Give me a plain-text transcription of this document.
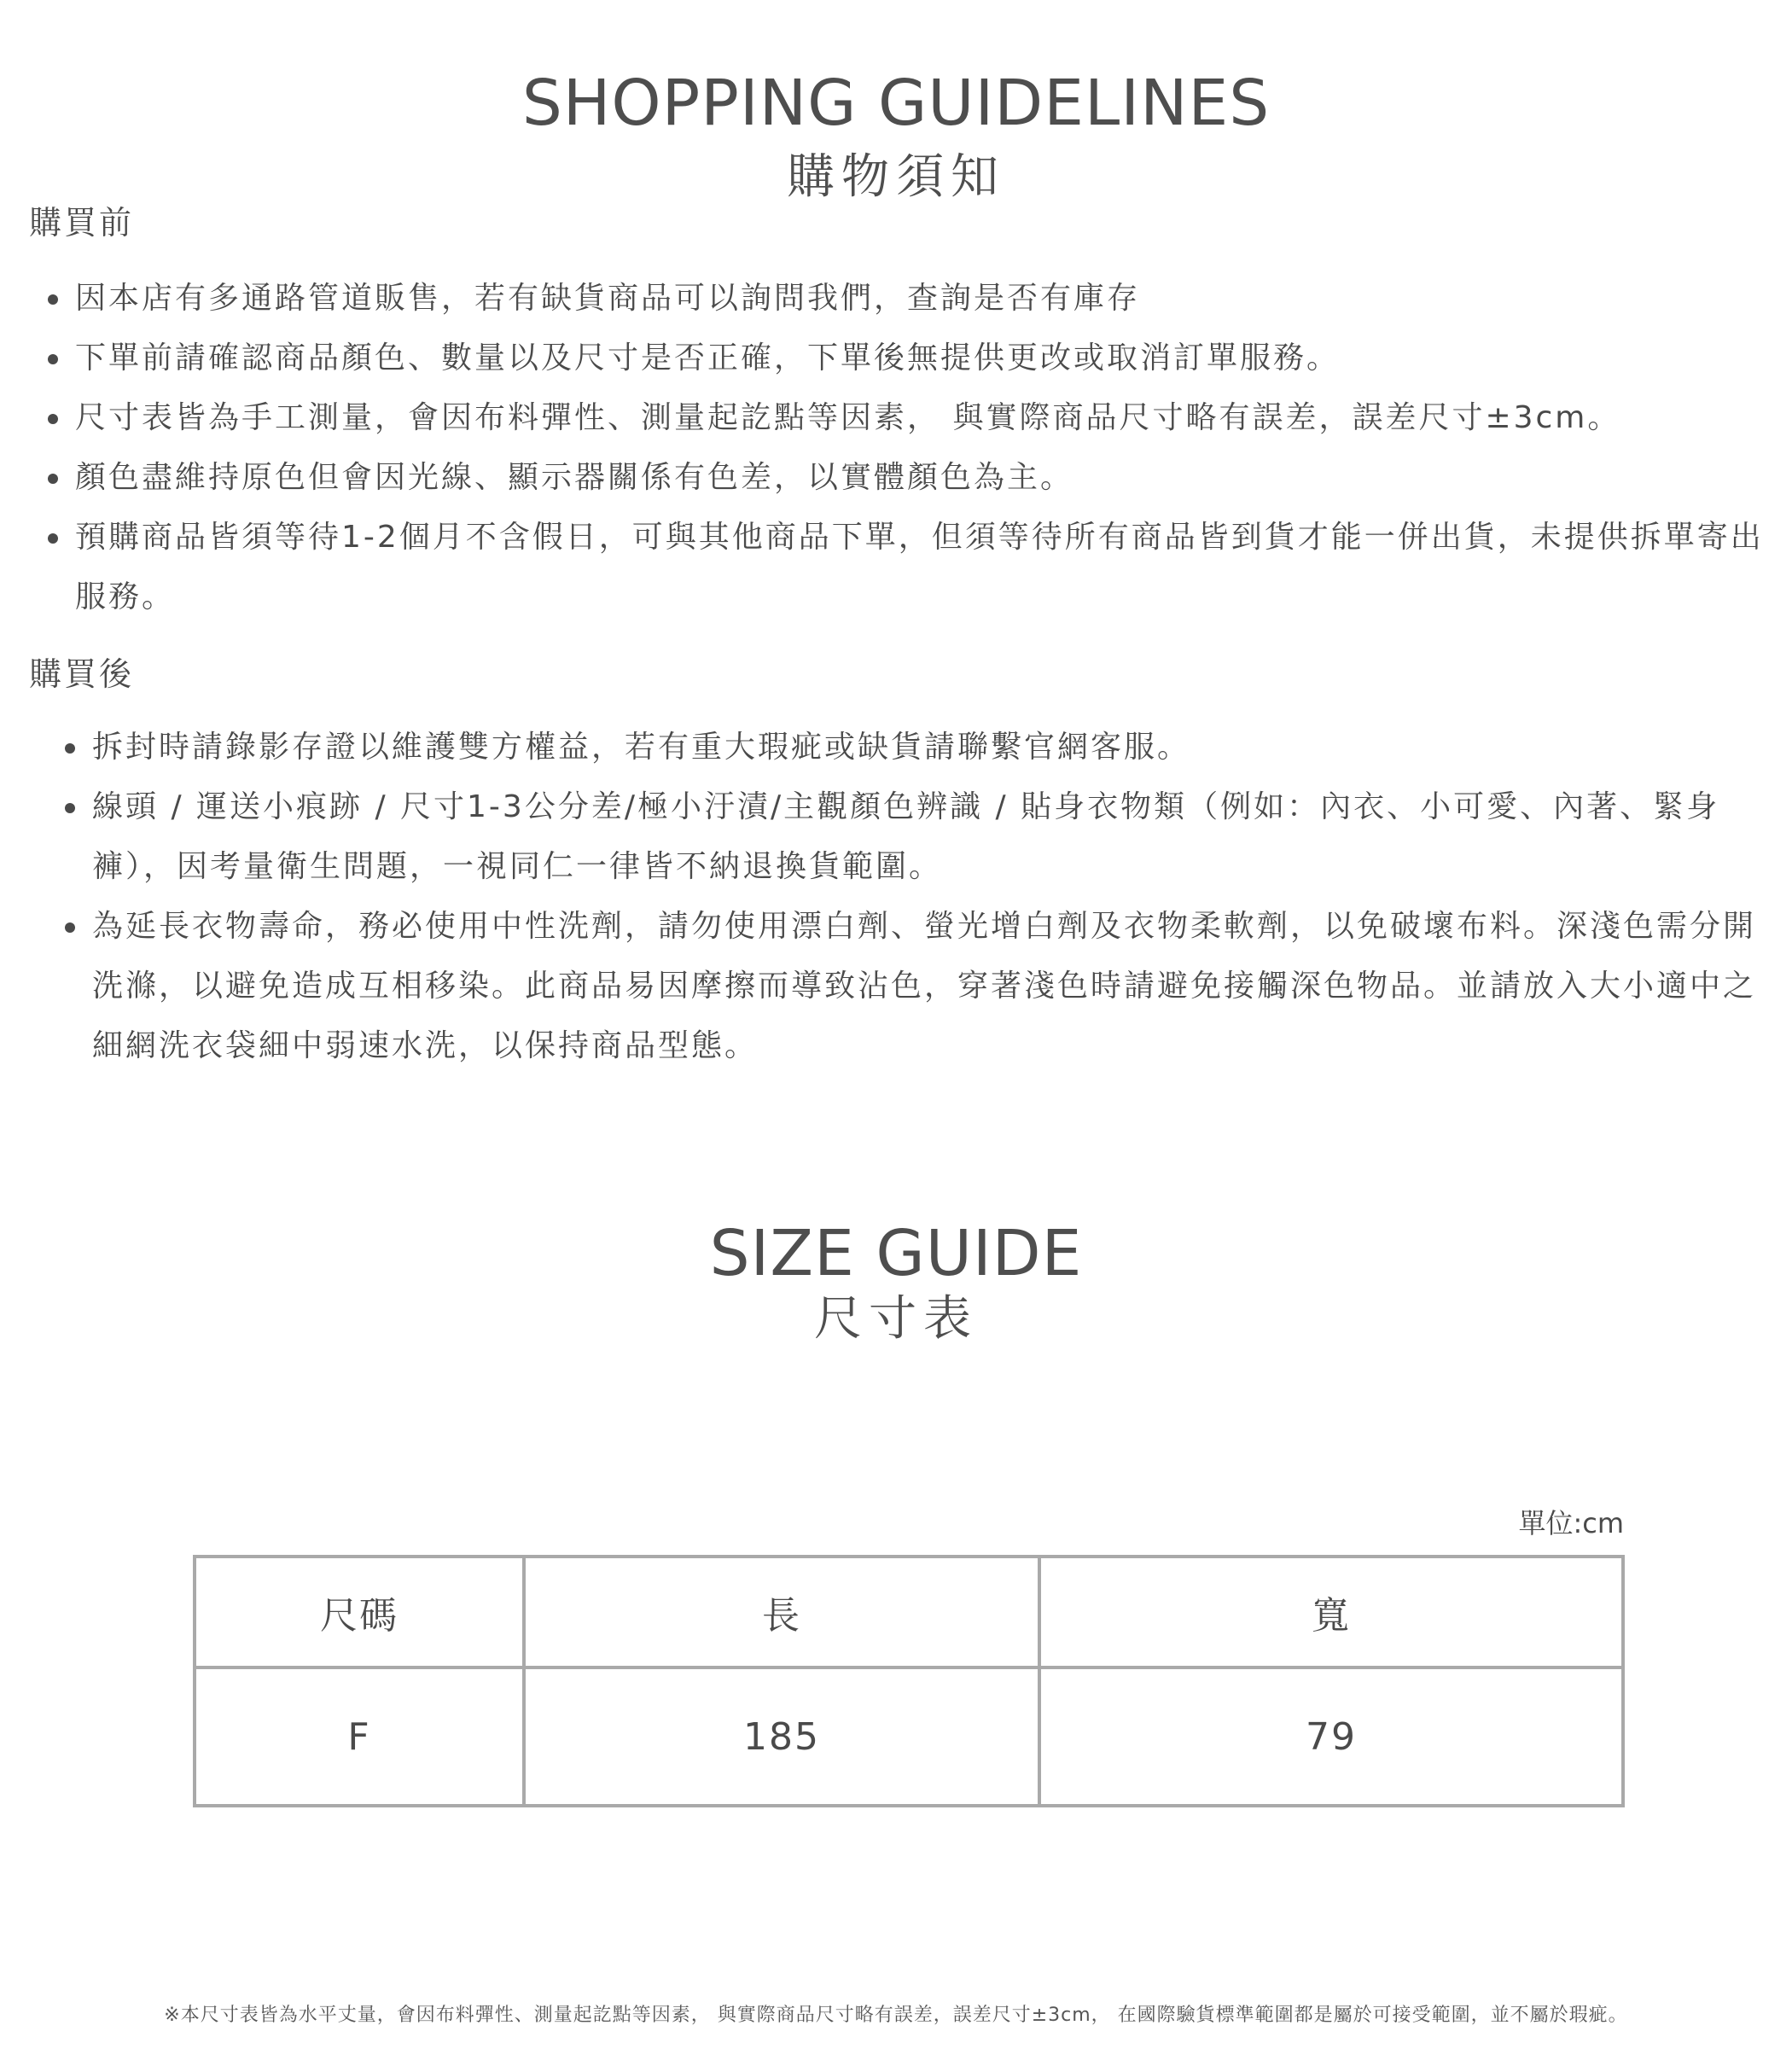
SHOPPING GUIDELINES
購物須知
購買前
因本店有多通路管道販售，若有缺貨商品可以詢問我們，查詢是否有庫存
下單前請確認商品顏色、數量以及尺寸是否正確，下單後無提供更改或取消訂單服務。
尺寸表皆為手工測量，會因布料彈性、測量起訖點等因素， 與實際商品尺寸略有誤差，誤差尺寸±3cm。
顏色盡維持原色但會因光線、顯示器關係有色差，以實體顏色為主。
預購商品皆須等待1-2個月不含假日，可與其他商品下單，但須等待所有商品皆到貨才能一併出貨，未提供拆單寄出服務。
購買後
拆封時請錄影存證以維護雙方權益，若有重大瑕疵或缺貨請聯繫官網客服。
線頭 / 運送小痕跡 / 尺寸1-3公分差/極小汙漬/主觀顏色辨識 / 貼身衣物類（例如：內衣、小可愛、內著、緊身褲），因考量衛生問題，一視同仁一律皆不納退換貨範圍。
為延長衣物壽命，務必使用中性洗劑，請勿使用漂白劑、螢光增白劑及衣物柔軟劑，以免破壞布料。深淺色需分開洗滌，以避免造成互相移染。此商品易因摩擦而導致沾色，穿著淺色時請避免接觸深色物品。並請放入大小適中之細網洗衣袋細中弱速水洗，以保持商品型態。
SIZE GUIDE
尺寸表
單位:cm
尺碼	長	寬
F	185	79
※本尺寸表皆為水平丈量，會因布料彈性、測量起訖點等因素， 與實際商品尺寸略有誤差，誤差尺寸±3cm， 在國際驗貨標準範圍都是屬於可接受範圍，並不屬於瑕疵。
